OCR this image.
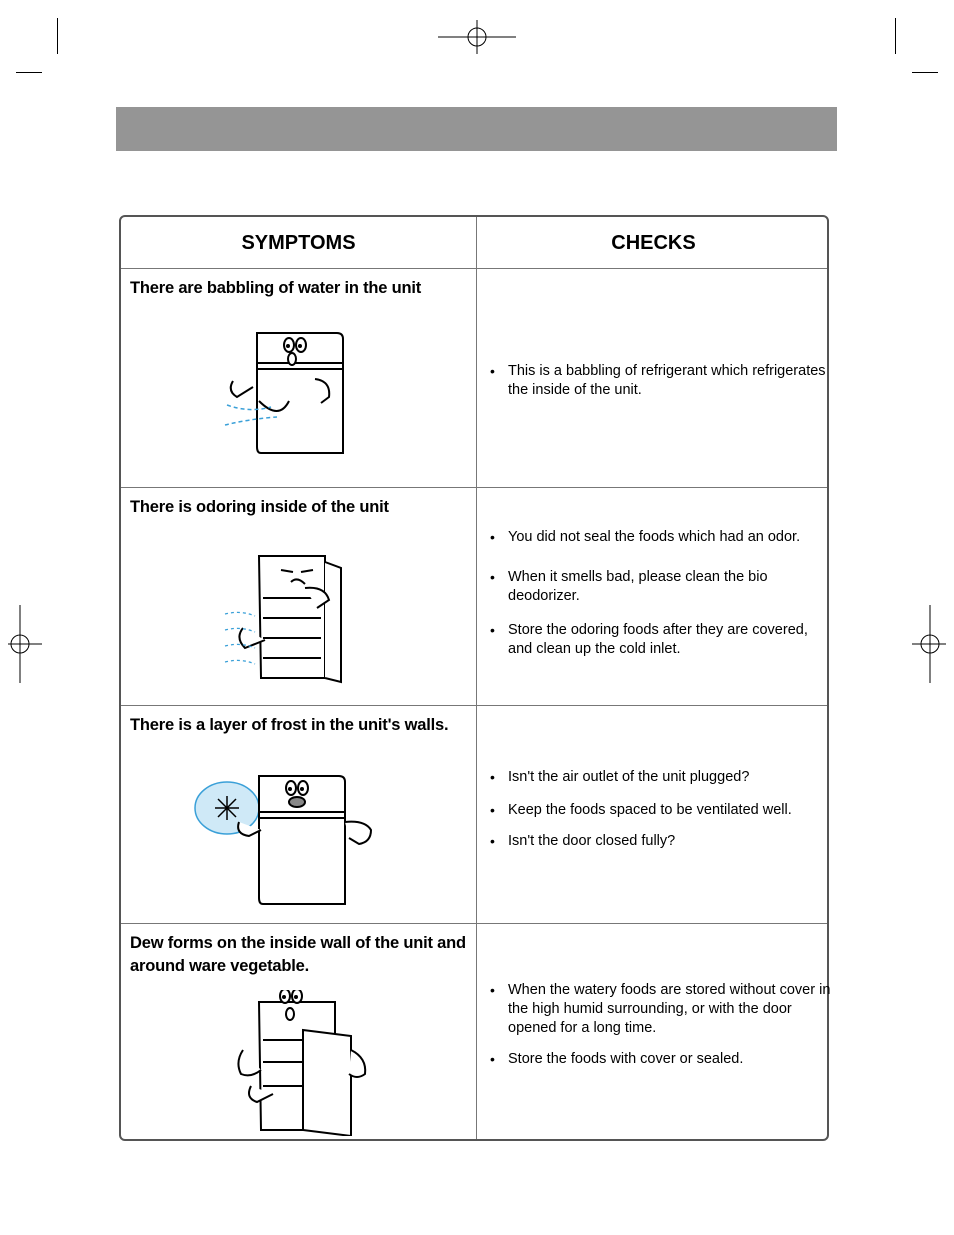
SYMPTOMS	CHECKS
There are babbling of water in the unit
• This is a babbling of refrigerant which refrigerates the inside of the unit.
There is odoring inside of the unit
• You did not seal the foods which had an odor.
• When it smells bad, please clean the bio deodorizer.
• Store the odoring foods after they are covered, and clean up the cold inlet.
There is a layer of frost in the unit's walls.
• Isn't the air outlet of the unit plugged?
• Keep the foods spaced to be ventilated well.
• Isn't the door closed fully?
Dew forms on the inside wall of the unit and around ware vegetable.
• When the watery foods are stored without cover in the high humid surrounding, or with the door opened for a long time.
• Store the foods with cover or sealed.
